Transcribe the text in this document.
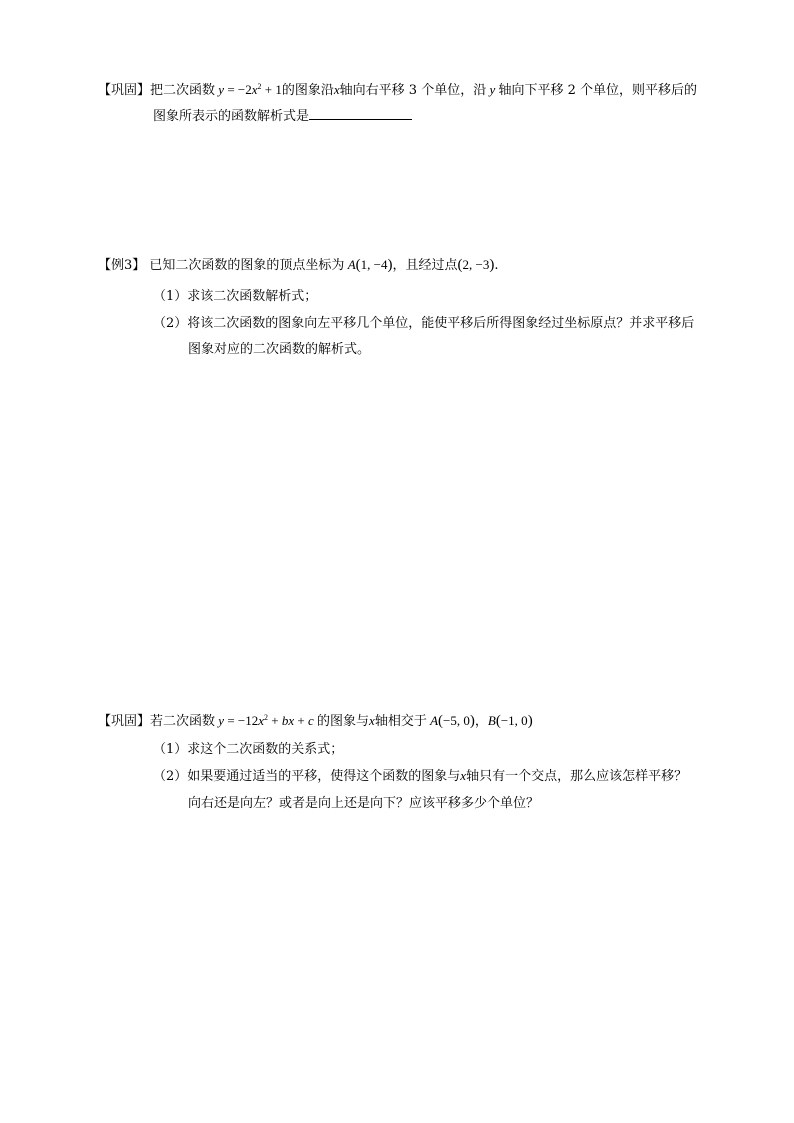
【巩固】把二次函数 $y = -2x^2 + 1$的图象沿x轴向右平移 3 个单位，沿 y 轴向下平移 2 个单位，则平移后的
图象所表示的函数解析式是
【例3】 已知二次函数的图象的顶点坐标为 A(1, −4)，且经过点(2, −3).
（1）求该二次函数解析式；
（2）将该二次函数的图象向左平移几个单位，能使平移后所得图象经过坐标原点？并求平移后
图象对应的二次函数的解析式。
【巩固】若二次函数 $y = -12x^2$ + bx + c 的图象与x轴相交于 A(−5, 0)，B(−1, 0)
（1）求这个二次函数的关系式；
（2）如果要通过适当的平移，使得这个函数的图象与x轴只有一个交点，那么应该怎样平移？
向右还是向左？或者是向上还是向下？应该平移多少个单位？
